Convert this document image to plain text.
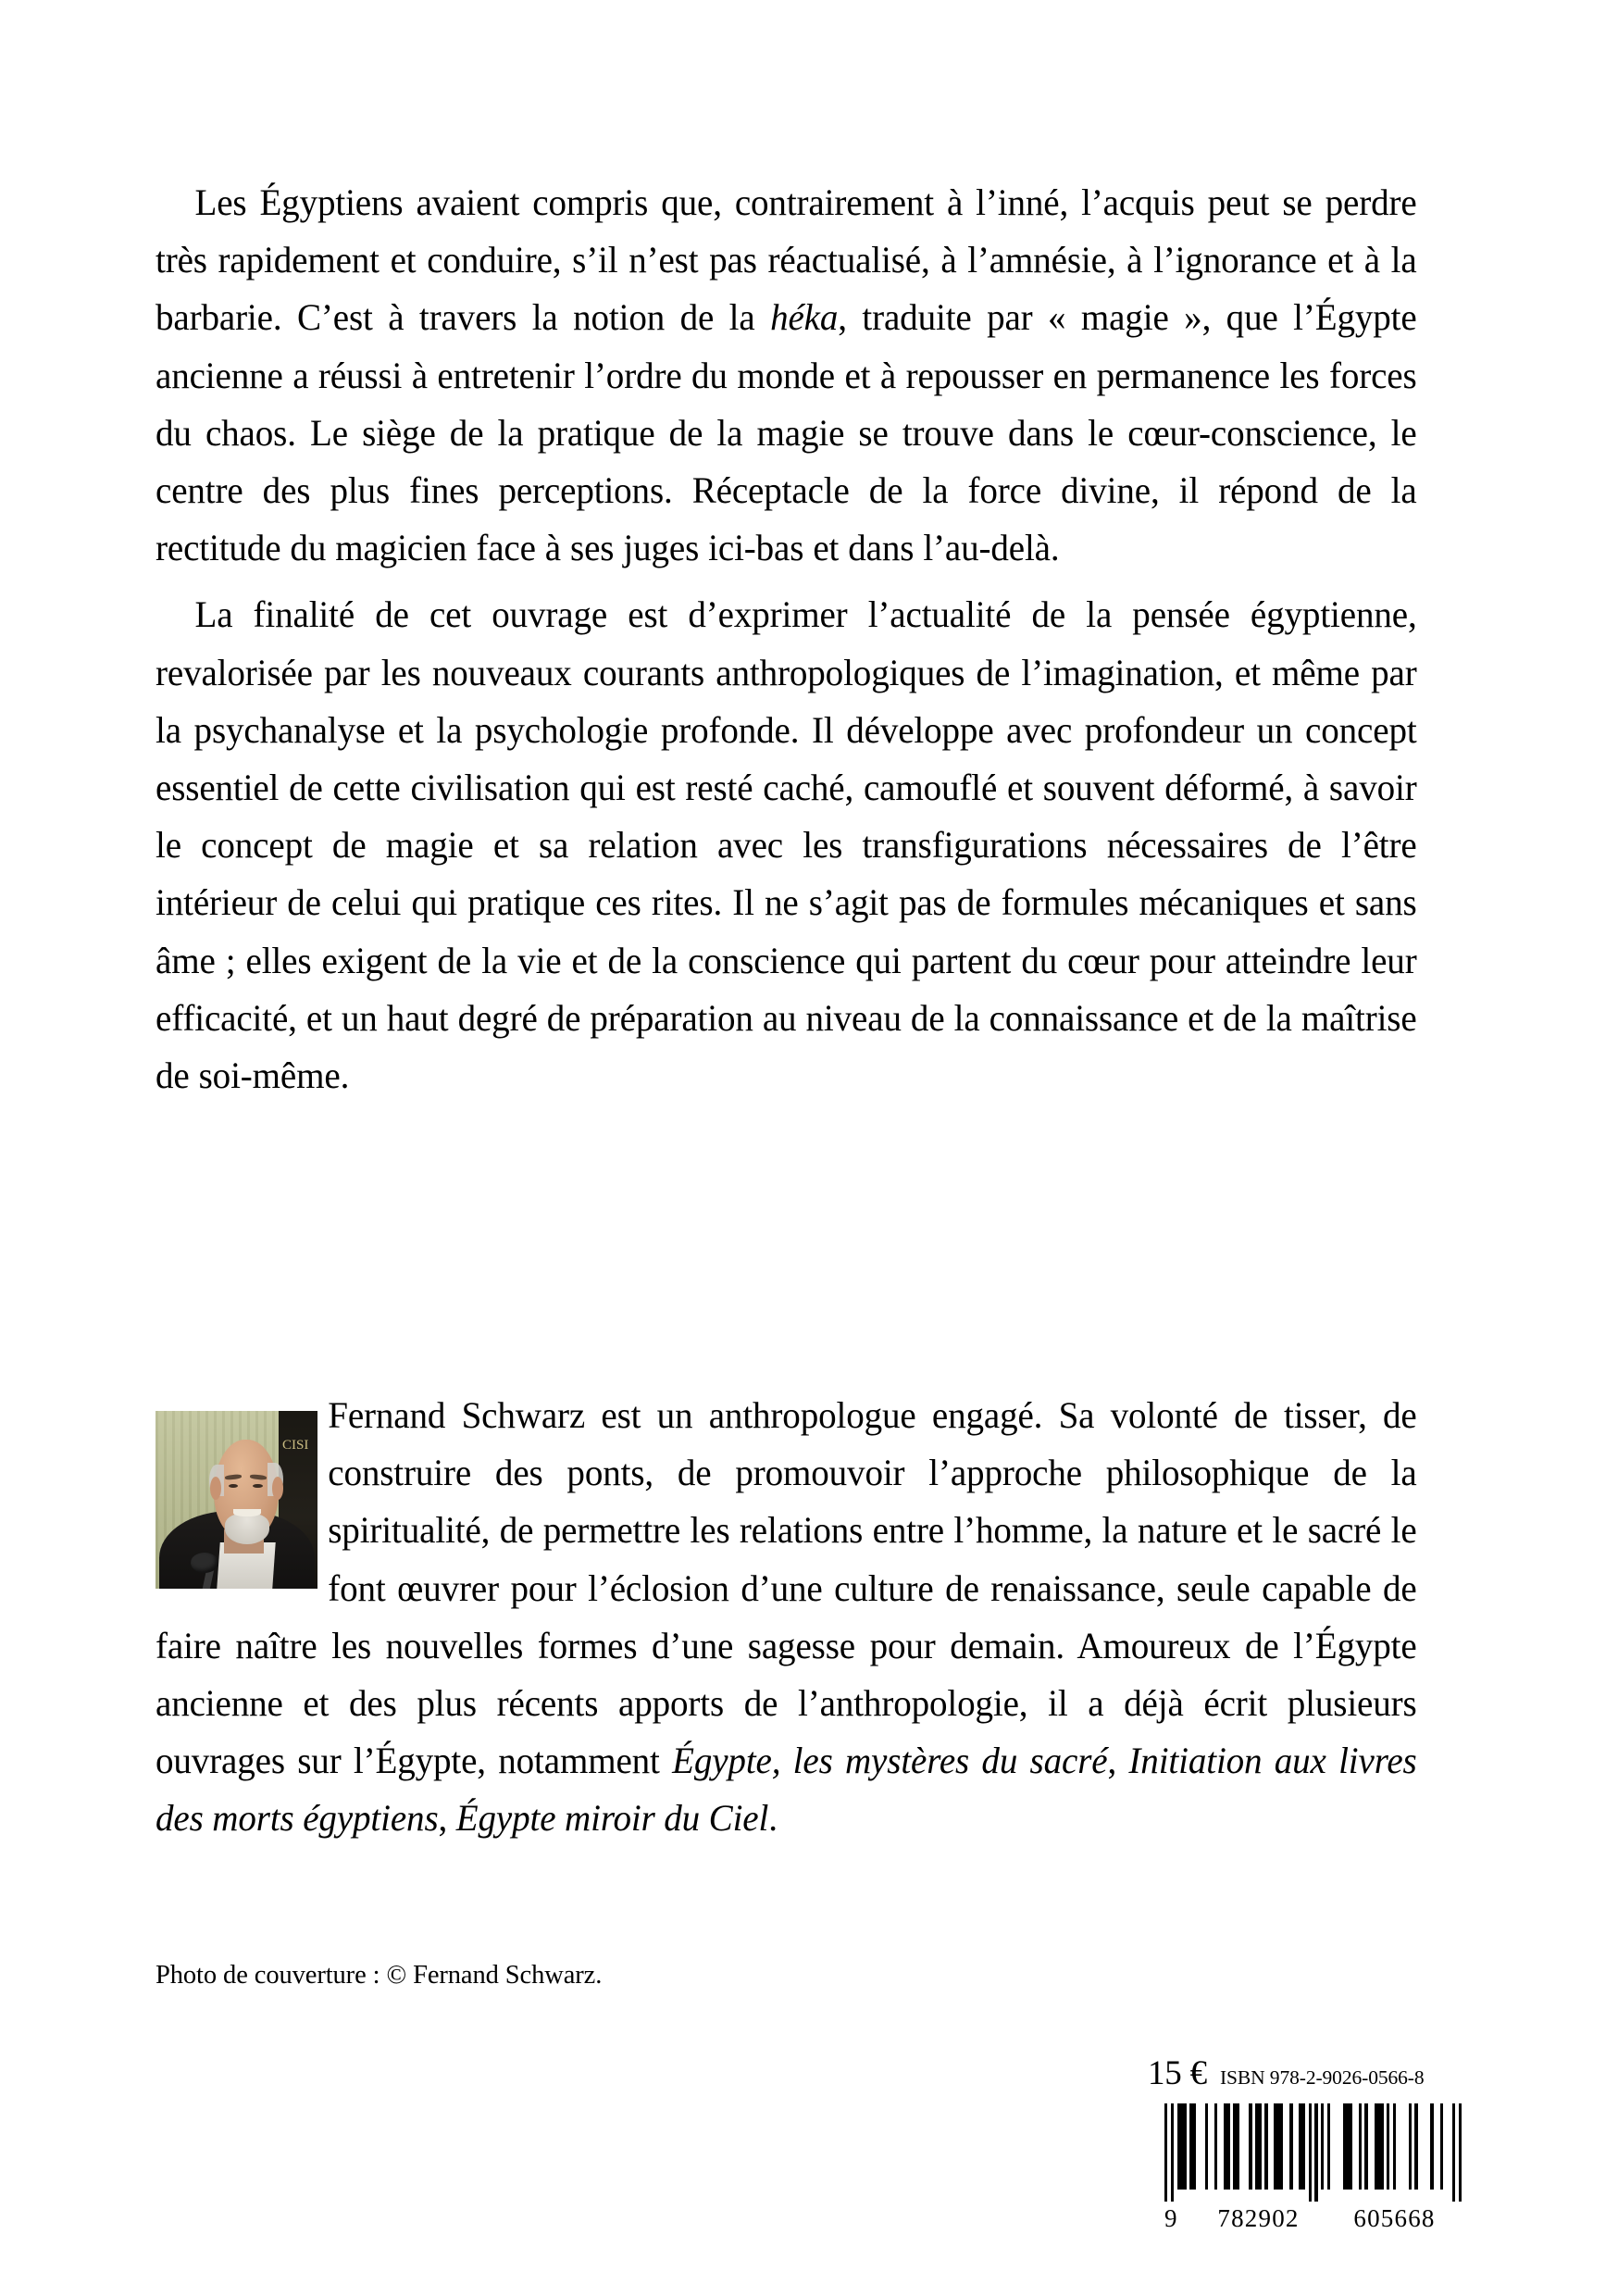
Les Égyptiens avaient compris que, contrairement à l’inné, l’acquis peut se perdre très rapidement et conduire, s’il n’est pas réactualisé, à l’amnésie, à l’ignorance et à la barbarie. C’est à travers la notion de la héka, traduite par « magie », que l’Égypte ancienne a réussi à entretenir l’ordre du monde et à repousser en permanence les forces du chaos. Le siège de la pratique de la magie se trouve dans le cœur-conscience, le centre des plus fines perceptions. Réceptacle de la force divine, il répond de la rectitude du magicien face à ses juges ici-bas et dans l’au-delà.

La finalité de cet ouvrage est d’exprimer l’actualité de la pensée égyptienne, revalorisée par les nouveaux courants anthropologiques de l’imagination, et même par la psychanalyse et la psychologie profonde. Il développe avec profondeur un concept essentiel de cette civilisation qui est resté caché, camouflé et souvent déformé, à savoir le concept de magie et sa relation avec les transfigurations nécessaires de l’être intérieur de celui qui pratique ces rites. Il ne s’agit pas de formules mécaniques et sans âme ; elles exigent de la vie et de la conscience qui partent du cœur pour atteindre leur efficacité, et un haut degré de préparation au niveau de la connaissance et de la maîtrise de soi-même.

CISI

Fernand Schwarz est un anthropologue engagé. Sa volonté de tisser, de construire des ponts, de promouvoir l’approche philosophique de la spiritualité, de permettre les relations entre l’homme, la nature et le sacré le font œuvrer pour l’éclosion d’une culture de renaissance, seule capable de faire naître les nouvelles formes d’une sagesse pour demain. Amoureux de l’Égypte ancienne et des plus récents apports de l’anthropologie, il a déjà écrit plusieurs ouvrages sur l’Égypte, notamment Égypte, les mystères du sacré, Initiation aux livres des morts égyptiens, Égypte miroir du Ciel.

Photo de couverture : © Fernand Schwarz.
15 € ISBN 978-2-9026-0566-8
9	782902	605668
